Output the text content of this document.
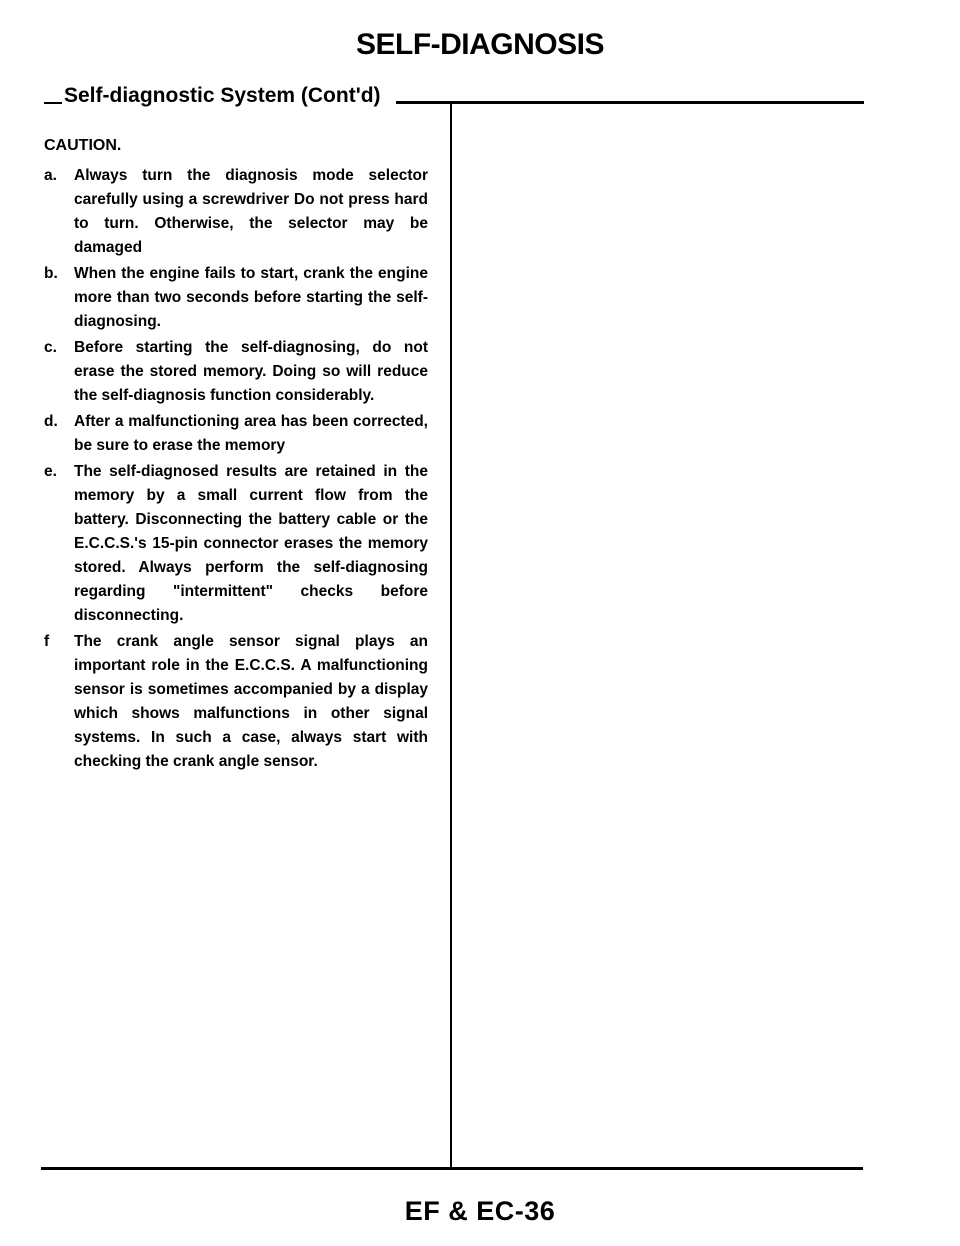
SELF-DIAGNOSIS
Self-diagnostic System (Cont'd)

CAUTION.

a.	Always turn the diagnosis mode selector carefully using a screwdriver Do not press hard to turn. Otherwise, the selector may be damaged
b.	When the engine fails to start, crank the engine more than two seconds before starting the self-diagnosing.
c.	Before starting the self-diagnosing, do not erase the stored memory. Doing so will reduce the self-diagnosis function considerably.
d.	After a malfunctioning area has been corrected, be sure to erase the memory
e.	The self-diagnosed results are retained in the memory by a small current flow from the battery. Disconnecting the battery cable or the E.C.C.S.'s 15-pin connector erases the memory stored. Always perform the self-diagnosing regarding "intermittent" checks before disconnecting.
f	The crank angle sensor signal plays an important role in the E.C.C.S. A malfunctioning sensor is sometimes accompanied by a display which shows malfunctions in other signal systems. In such a case, always start with checking the crank angle sensor.
EF & EC-36	carmanualsonline.info
